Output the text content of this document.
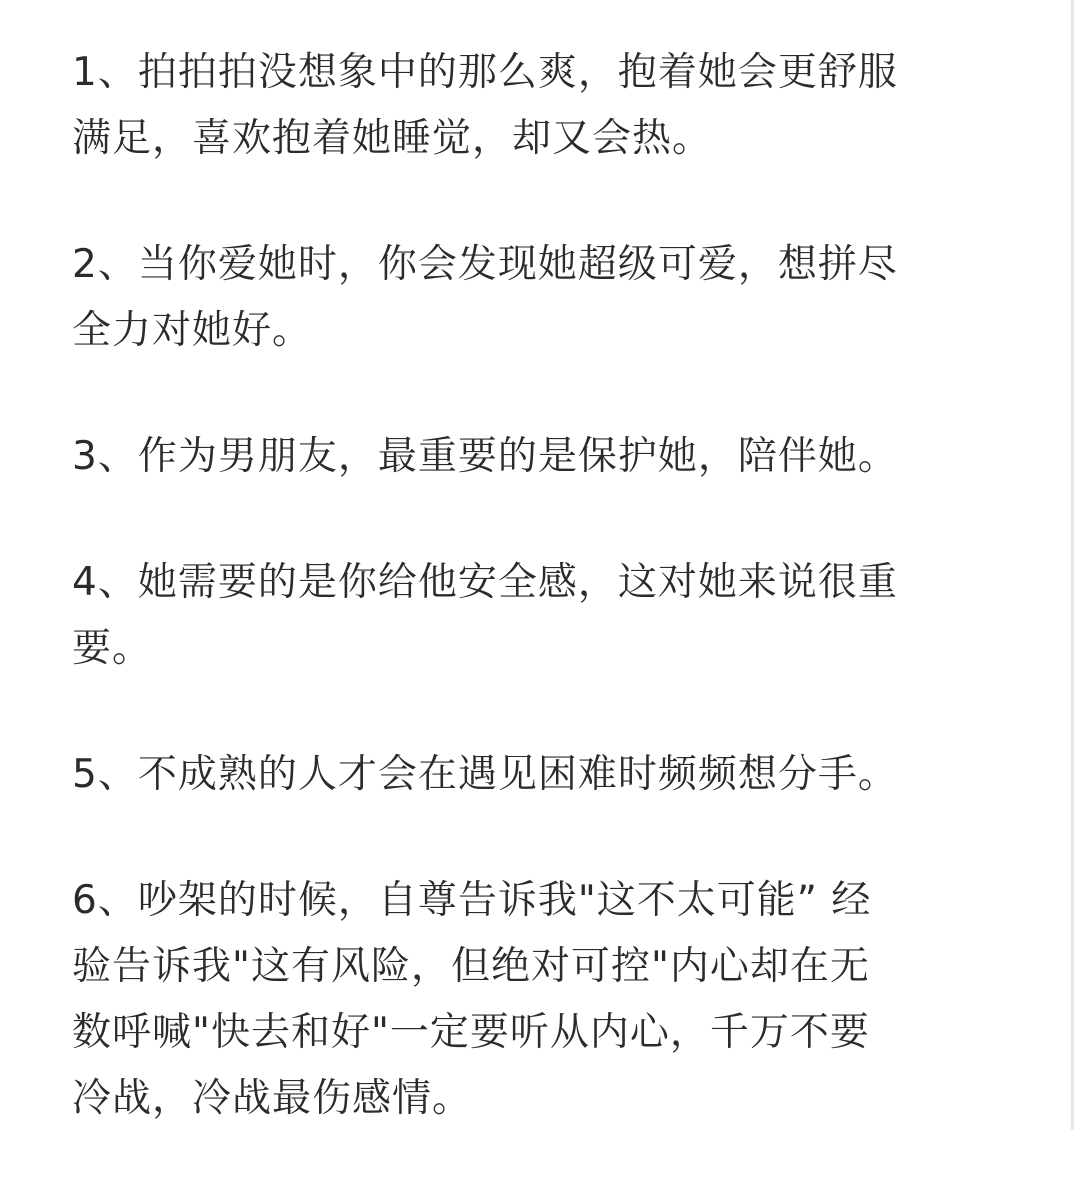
1、拍拍拍没想象中的那么爽，抱着她会更舒服
满足，喜欢抱着她睡觉，却又会热。

2、当你爱她时，你会发现她超级可爱，想拼尽
全力对她好。

3、作为男朋友，最重要的是保护她，陪伴她。

4、她需要的是你给他安全感，这对她来说很重
要。

5、不成熟的人才会在遇见困难时频频想分手。

6、吵架的时候，自尊告诉我"这不太可能” 经
验告诉我"这有风险，但绝对可控"内心却在无
数呼喊"快去和好"一定要听从内心，千万不要
冷战，冷战最伤感情。
